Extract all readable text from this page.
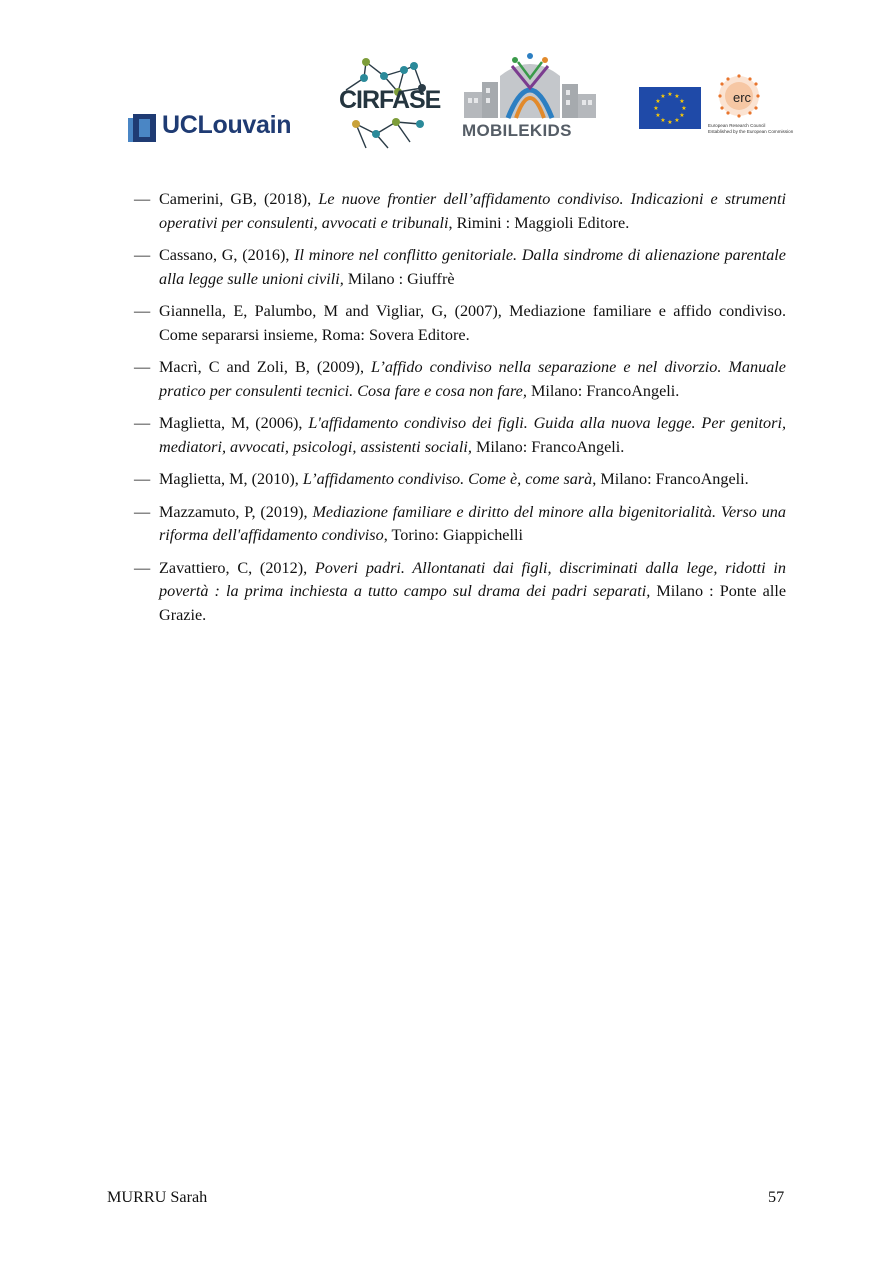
UCLouvain
CIRFASE
MOBILEKIDS
★ ★
★
★
★
★
★
★
★
★
★
★	erc
European Research Council
Established by the European Commission
— Camerini, GB, (2018), Le nuove frontier dell’affidamento condiviso. Indicazioni e strumenti operativi per consulenti, avvocati e tribunali, Rimini : Maggioli Editore.
— Cassano, G, (2016), Il minore nel conflitto genitoriale. Dalla sindrome di alienazione parentale alla legge sulle unioni civili, Milano : Giuffrè
— Giannella, E, Palumbo, M and Vigliar, G, (2007), Mediazione familiare e affido condiviso. Come separarsi insieme, Roma: Sovera Editore.
— Macrì, C and Zoli, B, (2009), L’affido condiviso nella separazione e nel divorzio. Manuale pratico per consulenti tecnici. Cosa fare e cosa non fare, Milano: FrancoAngeli.
— Maglietta, M, (2006), L'affidamento condiviso dei figli. Guida alla nuova legge. Per genitori, mediatori, avvocati, psicologi, assistenti sociali, Milano: FrancoAngeli.
— Maglietta, M, (2010), L’affidamento condiviso. Come è, come sarà, Milano: FrancoAngeli.
— Mazzamuto, P, (2019), Mediazione familiare e diritto del minore alla bigenitorialità. Verso una riforma dell'affidamento condiviso, Torino: Giappichelli
— Zavattiero, C, (2012), Poveri padri. Allontanati dai figli, discriminati dalla lege, ridotti in povertà : la prima inchiesta a tutto campo sul drama dei padri separati, Milano : Ponte alle Grazie.
MURRU Sarah	57
